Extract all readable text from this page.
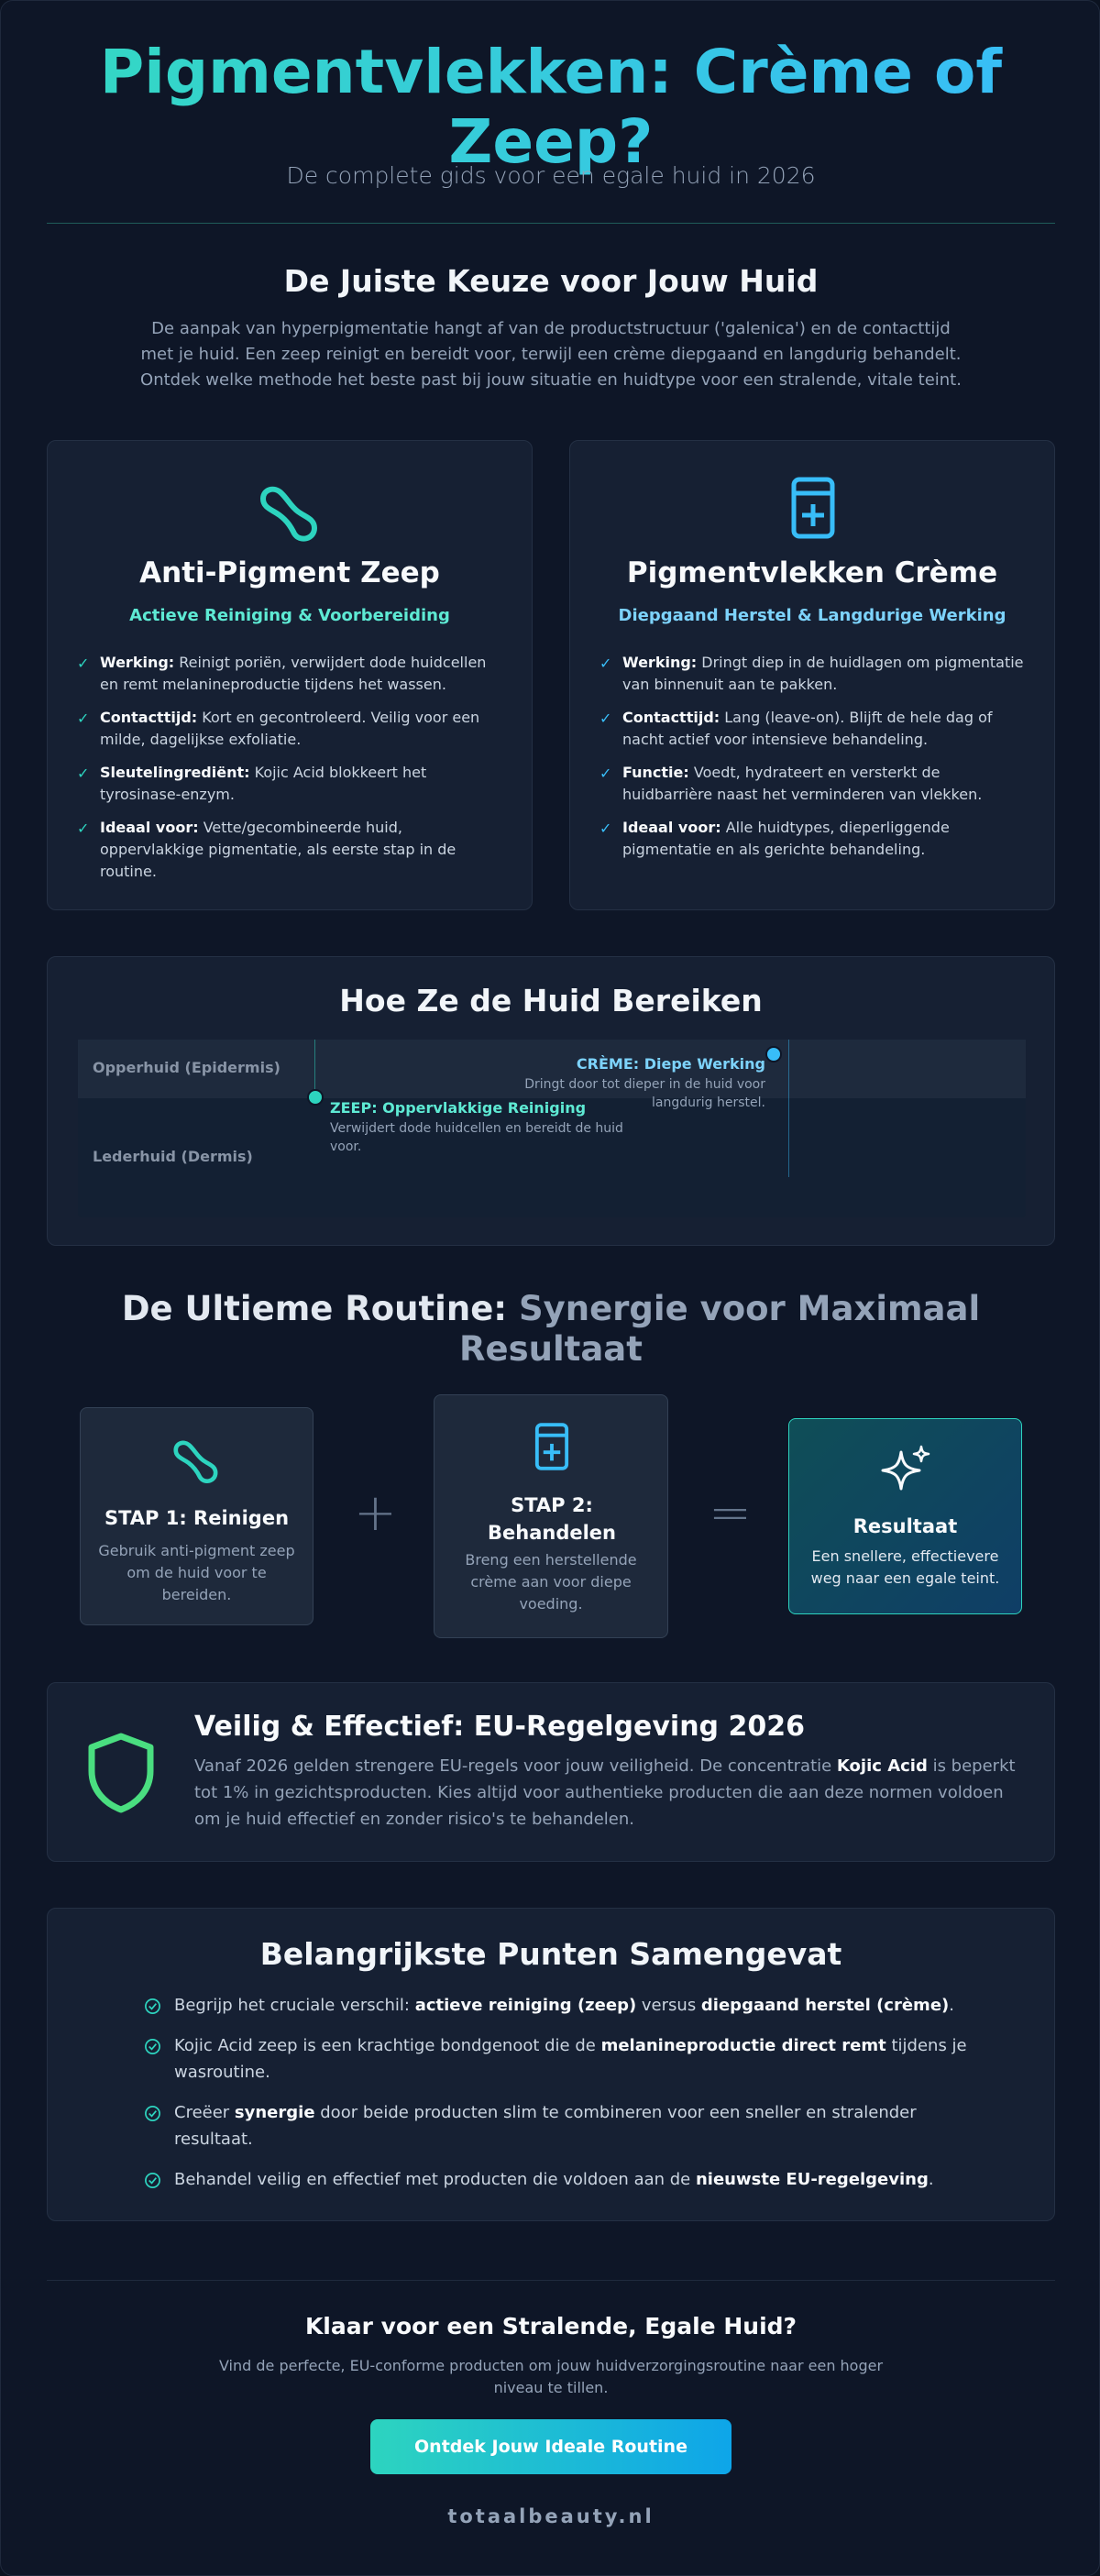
Pigmentvlekken: Crème of Zeep?
De complete gids voor een egale huid in 2026
De Juiste Keuze voor Jouw Huid

De aanpak van hyperpigmentatie hangt af van de productstructuur ('galenica') en de contacttijd met je huid. Een zeep reinigt en bereidt voor, terwijl een crème diepgaand en langdurig behandelt. Ontdek welke methode het beste past bij jouw situatie en huidtype voor een stralende, vitale teint.

Anti-Pigment Zeep
Actieve Reiniging & Voorbereiding
✓ Werking: Reinigt poriën, verwijdert dode huidcellen en remt melanineproductie tijdens het wassen.
✓ Contacttijd: Kort en gecontroleerd. Veilig voor een milde, dagelijkse exfoliatie.
✓ Sleutelingrediënt: Kojic Acid blokkeert het tyrosinase-enzym.
✓ Ideaal voor: Vette/gecombineerde huid, oppervlakkige pigmentatie, als eerste stap in de routine.
Pigmentvlekken Crème
Diepgaand Herstel & Langdurige Werking
✓ Werking: Dringt diep in de huidlagen om pigmentatie van binnenuit aan te pakken.
✓ Contacttijd: Lang (leave-on). Blijft de hele dag of nacht actief voor intensieve behandeling.
✓ Functie: Voedt, hydrateert en versterkt de huidbarrière naast het verminderen van vlekken.
✓ Ideaal voor: Alle huidtypes, dieperliggende pigmentatie en als gerichte behandeling.
Hoe Ze de Huid Bereiken
Opperhuid (Epidermis)
Lederhuid (Dermis)
ZEEP: Oppervlakkige Reiniging
Verwijdert dode huidcellen en bereidt de huid voor.
CRÈME: Diepe Werking
Dringt door tot dieper in de huid voor langdurig herstel.
De Ultieme Routine: Synergie voor Maximaal Resultaat
STAP 1: Reinigen
Gebruik anti-pigment zeep om de huid voor te bereiden.
+	STAP 2: Behandelen
Breng een herstellende crème aan voor diepe voeding.
=	Resultaat
Een snellere, effectievere weg naar een egale teint.
Veilig & Effectief: EU-Regelgeving 2026

Vanaf 2026 gelden strengere EU-regels voor jouw veiligheid. De concentratie Kojic Acid is beperkt tot 1% in gezichtsproducten. Kies altijd voor authentieke producten die aan deze normen voldoen om je huid effectief en zonder risico's te behandelen.

Belangrijkste Punten Samengevat
Begrijp het cruciale verschil: actieve reiniging (zeep) versus diepgaand herstel (crème).
Kojic Acid zeep is een krachtige bondgenoot die de melanineproductie direct remt tijdens je wasroutine.
Creëer synergie door beide producten slim te combineren voor een sneller en stralender resultaat.
Behandel veilig en effectief met producten die voldoen aan de nieuwste EU-regelgeving.
Klaar voor een Stralende, Egale Huid?

Vind de perfecte, EU-conforme producten om jouw huidverzorgingsroutine naar een hoger niveau te tillen.

Ontdek Jouw Ideale Routine
totaalbeauty.nl
